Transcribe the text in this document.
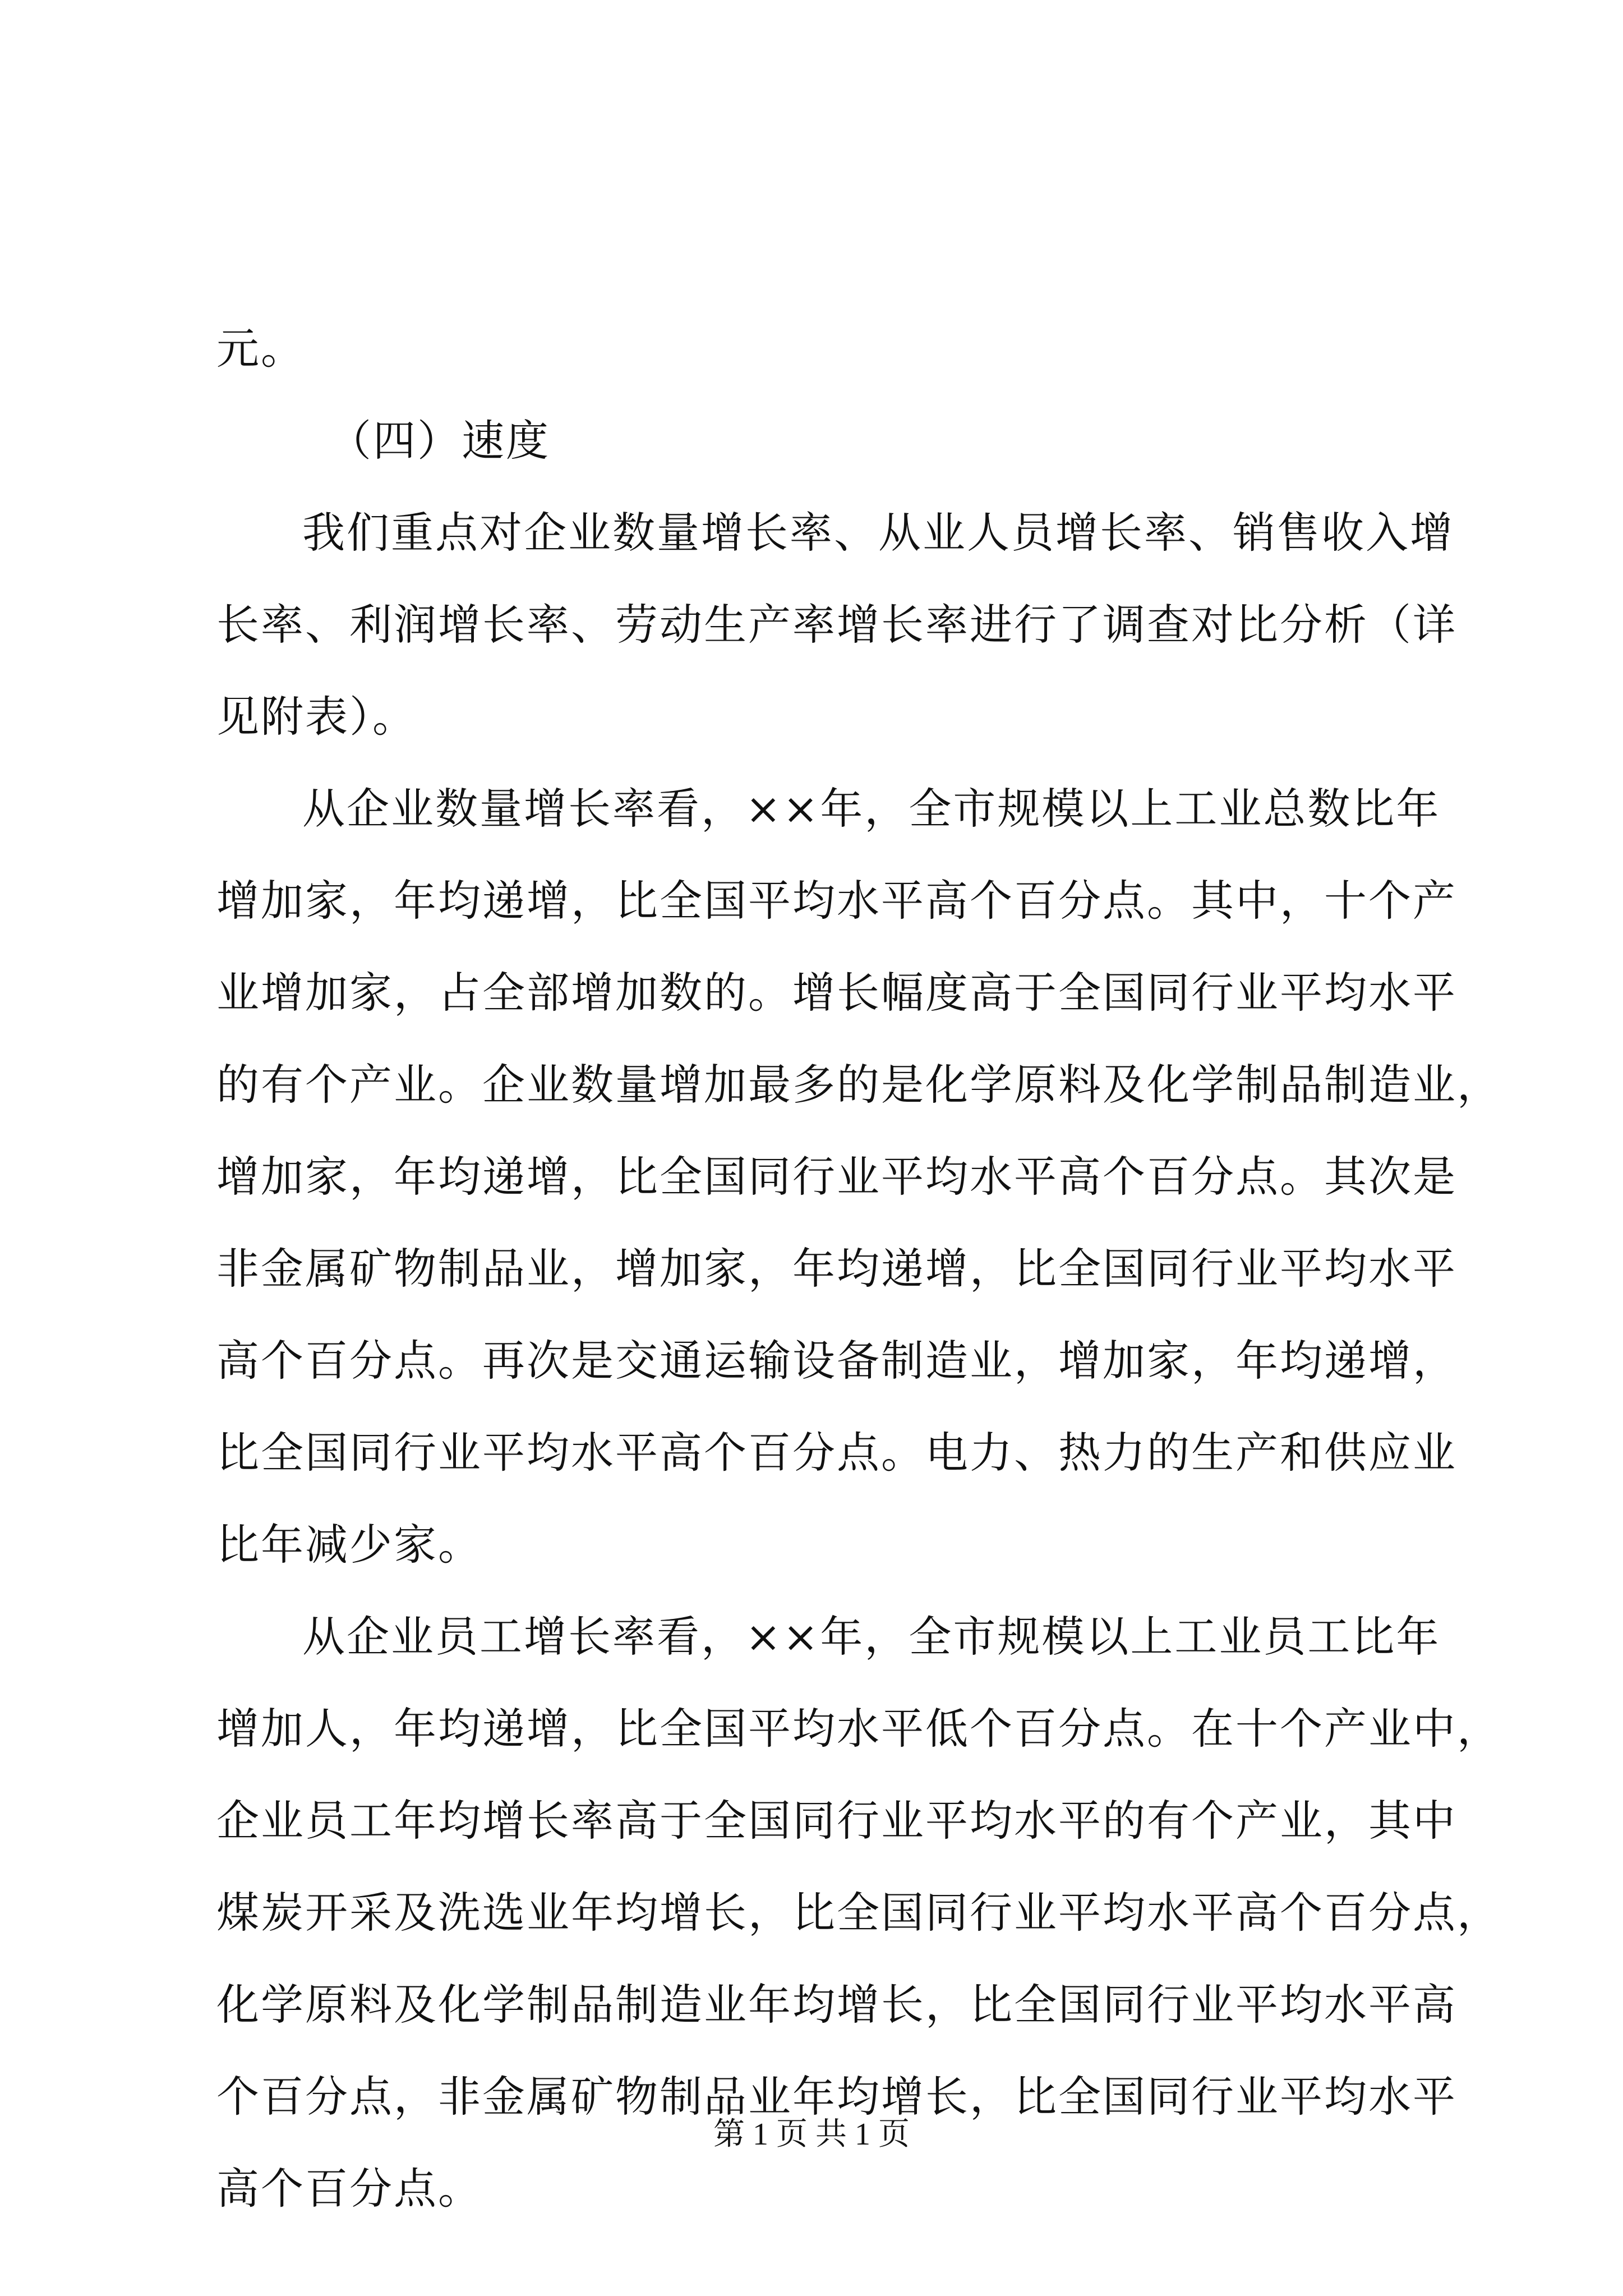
元。
（四）速度
我们重点对企业数量增长率、从业人员增长率、销售收入增
长率、利润增长率、劳动生产率增长率进行了调查对比分析（详
见附表）。
从企业数量增长率看，××年，全市规模以上工业总数比年
增加家，年均递增，比全国平均水平高个百分点。其中，十个产
业增加家，占全部增加数的。增长幅度高于全国同行业平均水平
的有个产业。企业数量增加最多的是化学原料及化学制品制造业，
增加家，年均递增，比全国同行业平均水平高个百分点。其次是
非金属矿物制品业，增加家，年均递增，比全国同行业平均水平
高个百分点。再次是交通运输设备制造业，增加家，年均递增，
比全国同行业平均水平高个百分点。电力、热力的生产和供应业
比年减少家。
从企业员工增长率看，××年，全市规模以上工业员工比年
增加人，年均递增，比全国平均水平低个百分点。在十个产业中，
企业员工年均增长率高于全国同行业平均水平的有个产业，其中
煤炭开采及洗选业年均增长，比全国同行业平均水平高个百分点，
化学原料及化学制品制造业年均增长，比全国同行业平均水平高
个百分点，非金属矿物制品业年均增长，比全国同行业平均水平
高个百分点。
第 1 页 共 1 页
